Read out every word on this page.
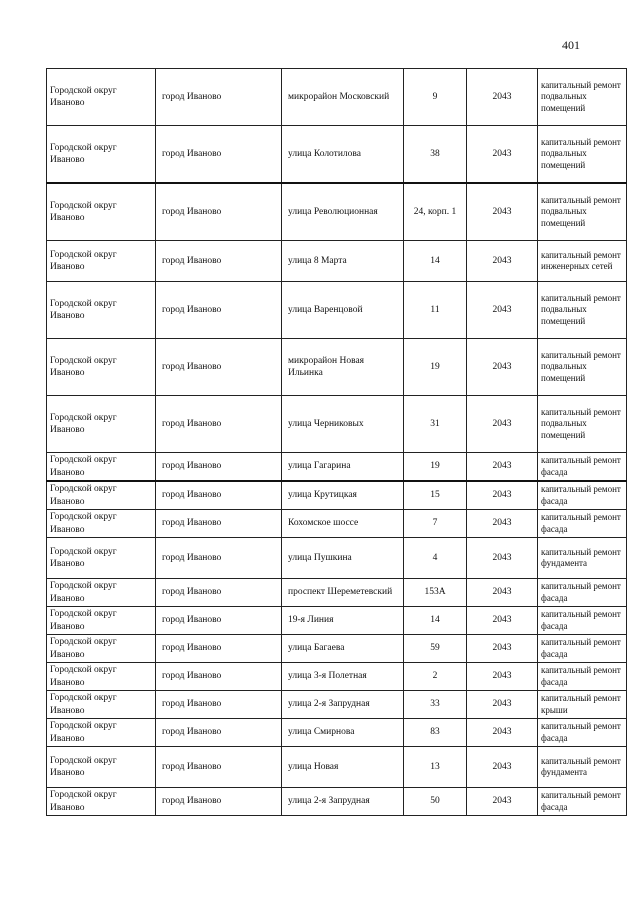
401
Городской округ Иваново	город Иваново	микрорайон Московский	9	2043	капитальный ремонт подвальных помещений
Городской округ Иваново	город Иваново	улица Колотилова	38	2043	капитальный ремонт подвальных помещений
Городской округ Иваново	город Иваново	улица Революционная	24, корп. 1	2043	капитальный ремонт подвальных помещений
Городской округ Иваново	город Иваново	улица 8 Марта	14	2043	капитальный ремонт инженерных сетей
Городской округ Иваново	город Иваново	улица Варенцовой	11	2043	капитальный ремонт подвальных помещений
Городской округ Иваново	город Иваново	микрорайон Новая Ильинка	19	2043	капитальный ремонт подвальных помещений
Городской округ Иваново	город Иваново	улица Черниковых	31	2043	капитальный ремонт подвальных помещений
Городской округ Иваново	город Иваново	улица Гагарина	19	2043	капитальный ремонт фасада
Городской округ Иваново	город Иваново	улица Крутицкая	15	2043	капитальный ремонт фасада
Городской округ Иваново	город Иваново	Кохомское шоссе	7	2043	капитальный ремонт фасада
Городской округ Иваново	город Иваново	улица Пушкина	4	2043	капитальный ремонт фундамента
Городской округ Иваново	город Иваново	проспект Шереметевский	153А	2043	капитальный ремонт фасада
Городской округ Иваново	город Иваново	19-я Линия	14	2043	капитальный ремонт фасада
Городской округ Иваново	город Иваново	улица Багаева	59	2043	капитальный ремонт фасада
Городской округ Иваново	город Иваново	улица 3-я Полетная	2	2043	капитальный ремонт фасада
Городской округ Иваново	город Иваново	улица 2-я Запрудная	33	2043	капитальный ремонт крыши
Городской округ Иваново	город Иваново	улица Смирнова	83	2043	капитальный ремонт фасада
Городской округ Иваново	город Иваново	улица Новая	13	2043	капитальный ремонт фундамента
Городской округ Иваново	город Иваново	улица 2-я Запрудная	50	2043	капитальный ремонт фасада
